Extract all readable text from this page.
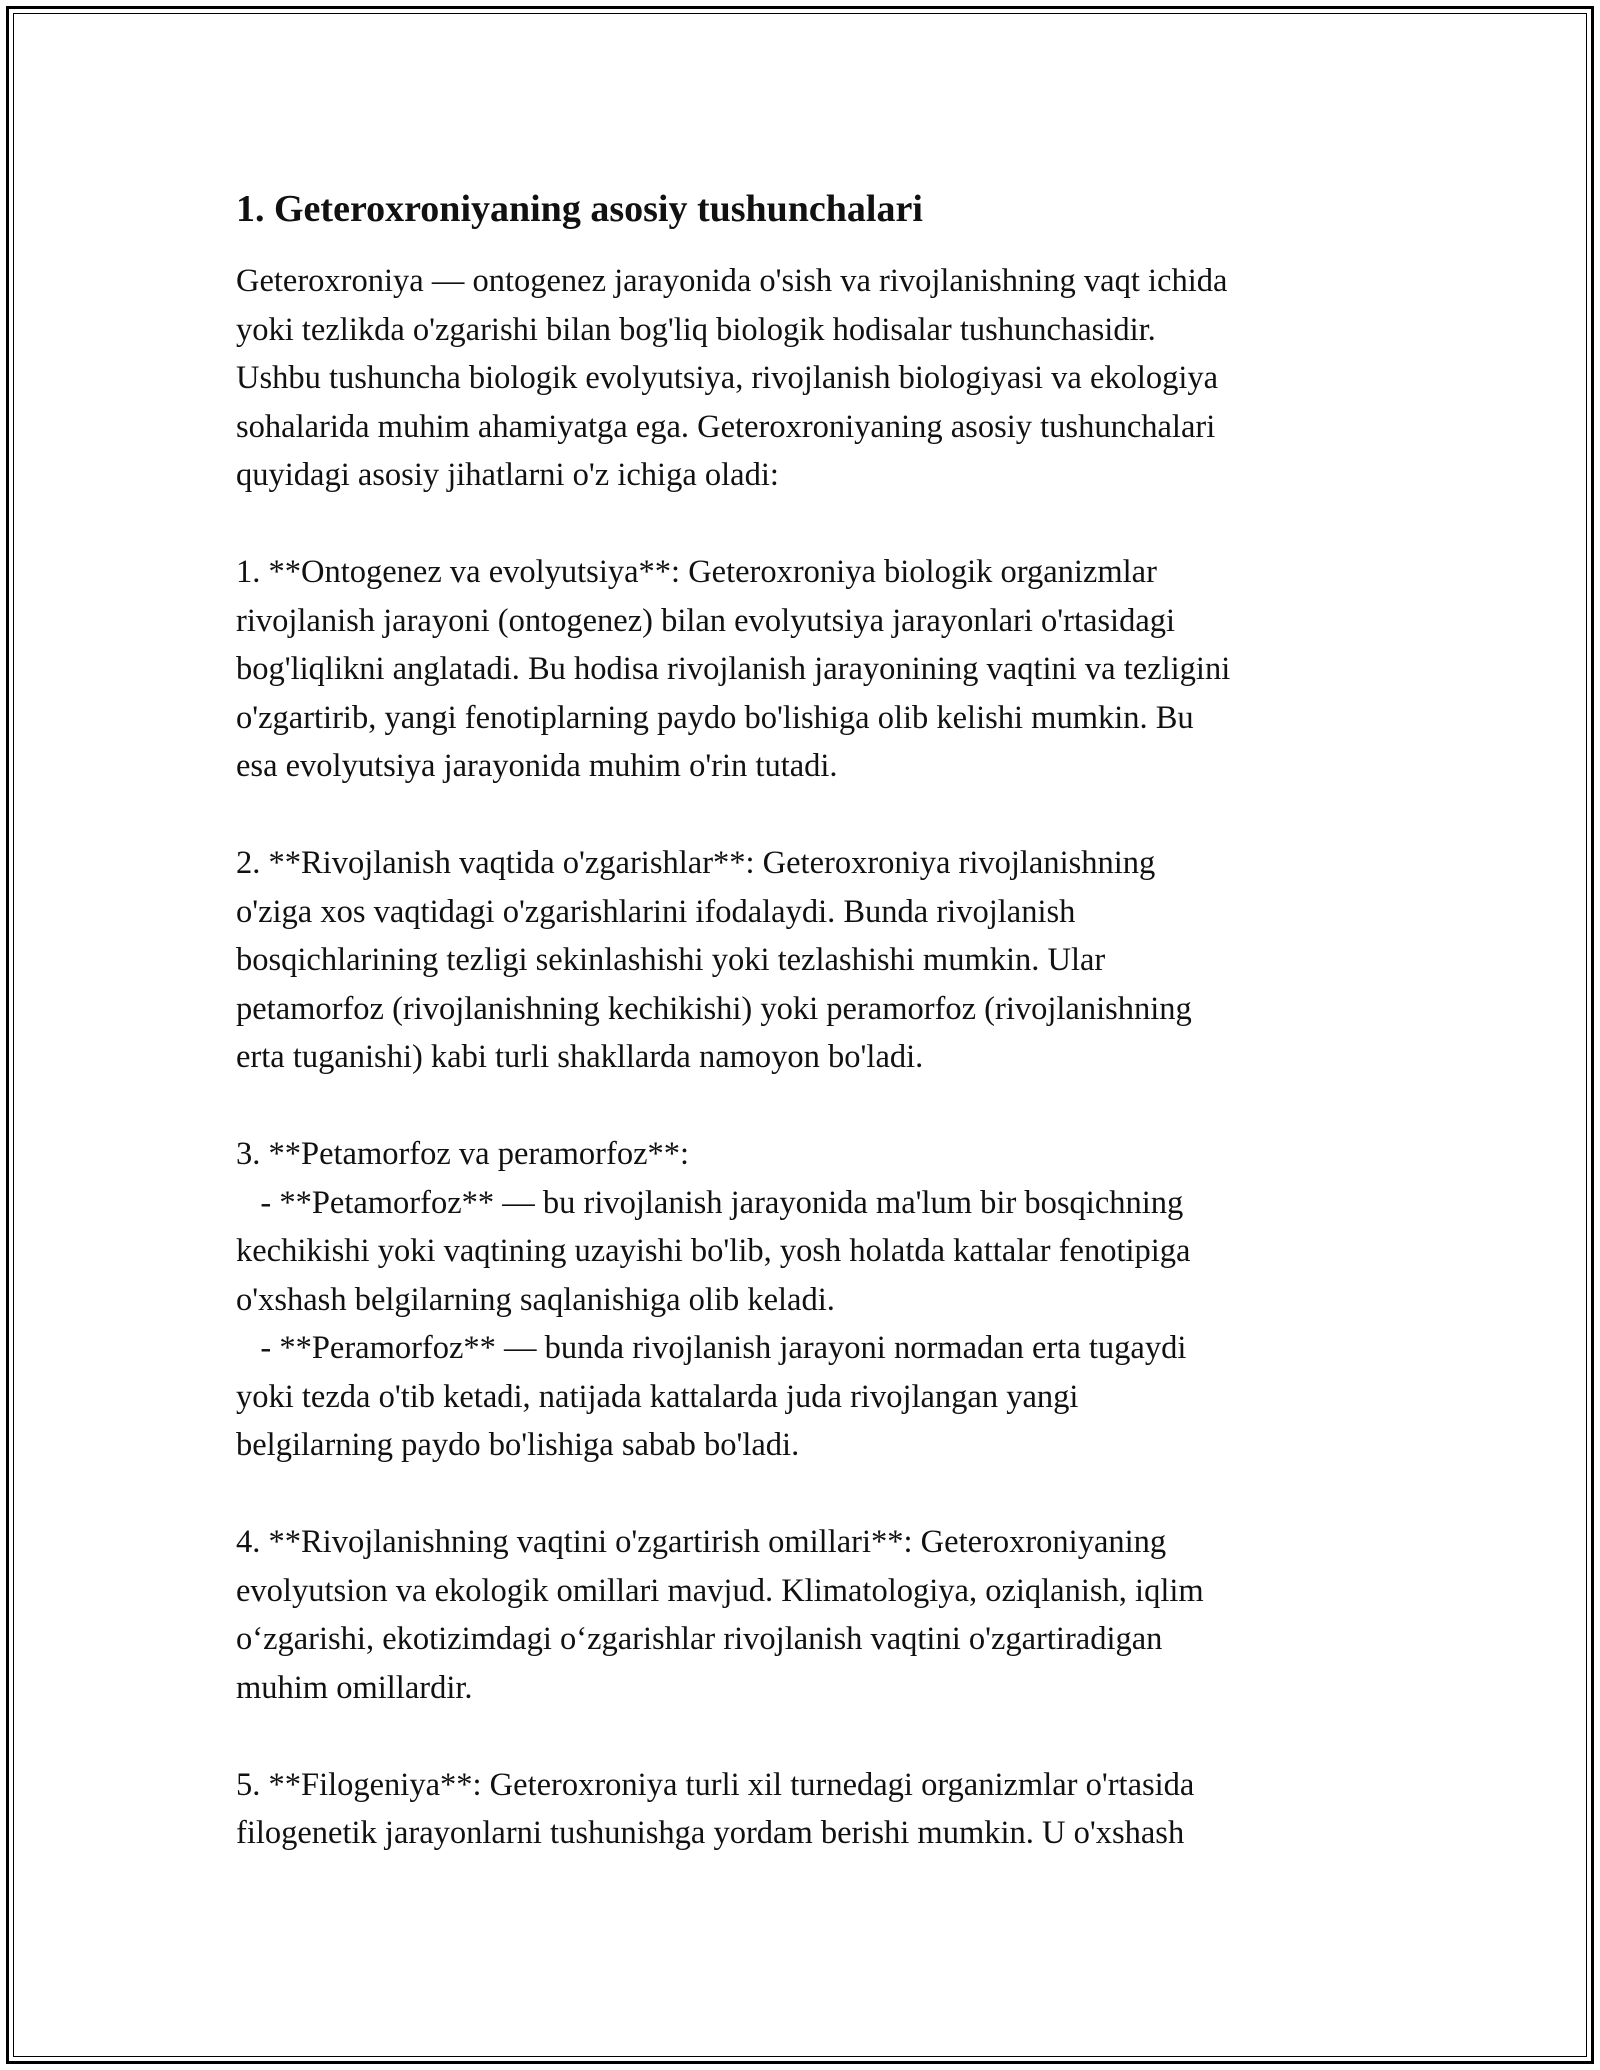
1. Geteroxroniyaning asosiy tushunchalari
Geteroxroniya — ontogenez jarayonida o'sish va rivojlanishning vaqt ichida
yoki tezlikda o'zgarishi bilan bog'liq biologik hodisalar tushunchasidir.
Ushbu tushuncha biologik evolyutsiya, rivojlanish biologiyasi va ekologiya
sohalarida muhim ahamiyatga ega. Geteroxroniyaning asosiy tushunchalari
quyidagi asosiy jihatlarni o'z ichiga oladi:
1. **Ontogenez va evolyutsiya**: Geteroxroniya biologik organizmlar
rivojlanish jarayoni (ontogenez) bilan evolyutsiya jarayonlari o'rtasidagi
bog'liqlikni anglatadi. Bu hodisa rivojlanish jarayonining vaqtini va tezligini
o'zgartirib, yangi fenotiplarning paydo bo'lishiga olib kelishi mumkin. Bu
esa evolyutsiya jarayonida muhim o'rin tutadi.
2. **Rivojlanish vaqtida o'zgarishlar**: Geteroxroniya rivojlanishning
o'ziga xos vaqtidagi o'zgarishlarini ifodalaydi. Bunda rivojlanish
bosqichlarining tezligi sekinlashishi yoki tezlashishi mumkin. Ular
petamorfoz (rivojlanishning kechikishi) yoki peramorfoz (rivojlanishning
erta tuganishi) kabi turli shakllarda namoyon bo'ladi.
3. **Petamorfoz va peramorfoz**:
- **Petamorfoz** — bu rivojlanish jarayonida ma'lum bir bosqichning
kechikishi yoki vaqtining uzayishi bo'lib, yosh holatda kattalar fenotipiga
o'xshash belgilarning saqlanishiga olib keladi.
- **Peramorfoz** — bunda rivojlanish jarayoni normadan erta tugaydi
yoki tezda o'tib ketadi, natijada kattalarda juda rivojlangan yangi
belgilarning paydo bo'lishiga sabab bo'ladi.
4. **Rivojlanishning vaqtini o'zgartirish omillari**: Geteroxroniyaning
evolyutsion va ekologik omillari mavjud. Klimatologiya, oziqlanish, iqlim
o‘zgarishi, ekotizimdagi o‘zgarishlar rivojlanish vaqtini o'zgartiradigan
muhim omillardir.
5. **Filogeniya**: Geteroxroniya turli xil turnedagi organizmlar o'rtasida
filogenetik jarayonlarni tushunishga yordam berishi mumkin. U o'xshash
